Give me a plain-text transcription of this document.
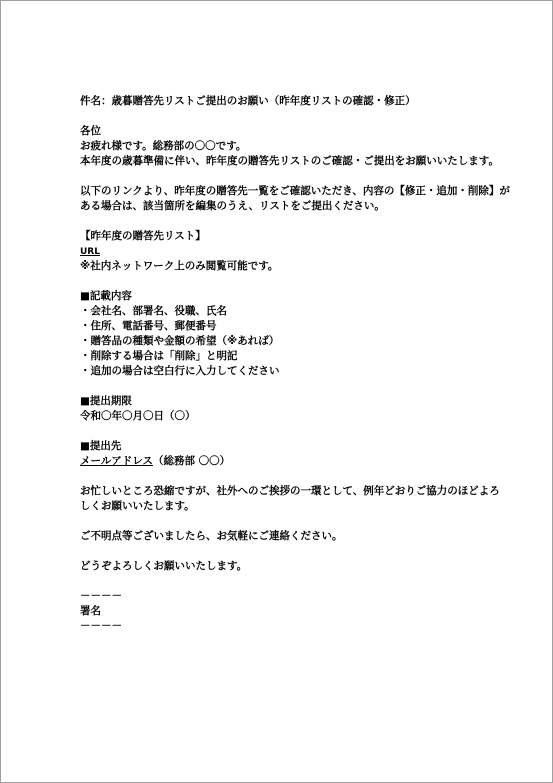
件名：歳暮贈答先リストご提出のお願い（昨年度リストの確認・修正）
各位
お疲れ様です。総務部の〇〇です。
本年度の歳暮準備に伴い、昨年度の贈答先リストのご確認・ご提出をお願いいたします。
以下のリンクより、昨年度の贈答先一覧をご確認いただき、内容の【修正・追加・削除】がある場合は、該当箇所を編集のうえ、リストをご提出ください。
【昨年度の贈答先リスト】
URL
※社内ネットワーク上のみ閲覧可能です。
■記載内容
・会社名、部署名、役職、氏名
・住所、電話番号、郵便番号
・贈答品の種類や金額の希望（※あれば）
・削除する場合は「削除」と明記
・追加の場合は空白行に入力してください
■提出期限
令和〇年〇月〇日（〇）
■提出先
メールアドレス（総務部 〇〇）
お忙しいところ恐縮ですが、社外へのご挨拶の一環として、例年どおりご協力のほどよろしくお願いいたします。
ご不明点等ございましたら、お気軽にご連絡ください。
どうぞよろしくお願いいたします。
－－－－
署名
－－－－
